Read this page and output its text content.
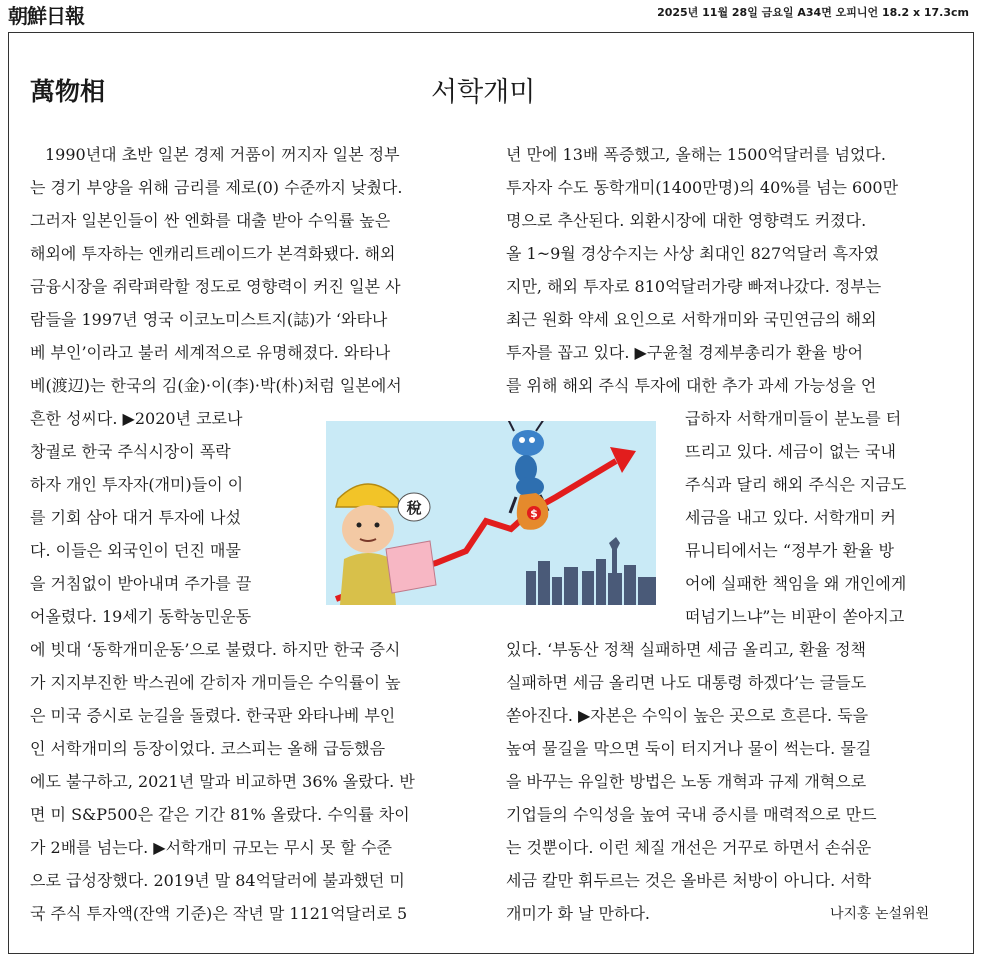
朝鮮日報	2025년 11월 28일 금요일 A34면 오피니언 18.2 x 17.3cm
萬物相	서학개미
1990년대 초반 일본 경제 거품이 꺼지자 일본 정부
는 경기 부양을 위해 금리를 제로(0) 수준까지 낮췄다.
그러자 일본인들이 싼 엔화를 대출 받아 수익률 높은
해외에 투자하는 엔캐리트레이드가 본격화됐다. 해외
금융시장을 쥐락펴락할 정도로 영향력이 커진 일본 사
람들을 1997년 영국 이코노미스트지(誌)가 ‘와타나
베 부인’이라고 불러 세계적으로 유명해졌다. 와타나
베(渡辺)는 한국의 김(金)·이(李)·박(朴)처럼 일본에서
흔한 성씨다. ▶2020년 코로나
창궐로 한국 주식시장이 폭락
하자 개인 투자자(개미)들이 이
를 기회 삼아 대거 투자에 나섰
다. 이들은 외국인이 던진 매물
을 거침없이 받아내며 주가를 끌
어올렸다. 19세기 동학농민운동
에 빗대 ‘동학개미운동’으로 불렸다. 하지만 한국 증시
가 지지부진한 박스권에 갇히자 개미들은 수익률이 높
은 미국 증시로 눈길을 돌렸다. 한국판 와타나베 부인
인 서학개미의 등장이었다. 코스피는 올해 급등했음
에도 불구하고, 2021년 말과 비교하면 36% 올랐다. 반
면 미 S&P500은 같은 기간 81% 올랐다. 수익률 차이
가 2배를 넘는다. ▶서학개미 규모는 무시 못 할 수준
으로 급성장했다. 2019년 말 84억달러에 불과했던 미
국 주식 투자액(잔액 기준)은 작년 말 1121억달러로 5
년 만에 13배 폭증했고, 올해는 1500억달러를 넘었다.
투자자 수도 동학개미(1400만명)의 40%를 넘는 600만
명으로 추산된다. 외환시장에 대한 영향력도 커졌다.
올 1~9월 경상수지는 사상 최대인 827억달러 흑자였
지만, 해외 투자로 810억달러가량 빠져나갔다. 정부는
최근 원화 약세 요인으로 서학개미와 국민연금의 해외
투자를 꼽고 있다. ▶구윤철 경제부총리가 환율 방어
를 위해 해외 주식 투자에 대한 추가 과세 가능성을 언
급하자 서학개미들이 분노를 터
뜨리고 있다. 세금이 없는 국내
주식과 달리 해외 주식은 지금도
세금을 내고 있다. 서학개미 커
뮤니티에서는 “정부가 환율 방
어에 실패한 책임을 왜 개인에게
떠넘기느냐”는 비판이 쏟아지고
있다. ‘부동산 정책 실패하면 세금 올리고, 환율 정책
실패하면 세금 올리면 나도 대통령 하겠다’는 글들도
쏟아진다. ▶자본은 수익이 높은 곳으로 흐른다. 둑을
높여 물길을 막으면 둑이 터지거나 물이 썩는다. 물길
을 바꾸는 유일한 방법은 노동 개혁과 규제 개혁으로
기업들의 수익성을 높여 국내 증시를 매력적으로 만드
는 것뿐이다. 이런 체질 개선은 거꾸로 하면서 손쉬운
세금 칼만 휘두르는 것은 올바른 처방이 아니다. 서학
개미가 화 날 만하다.
$
稅
나지홍 논설위원
